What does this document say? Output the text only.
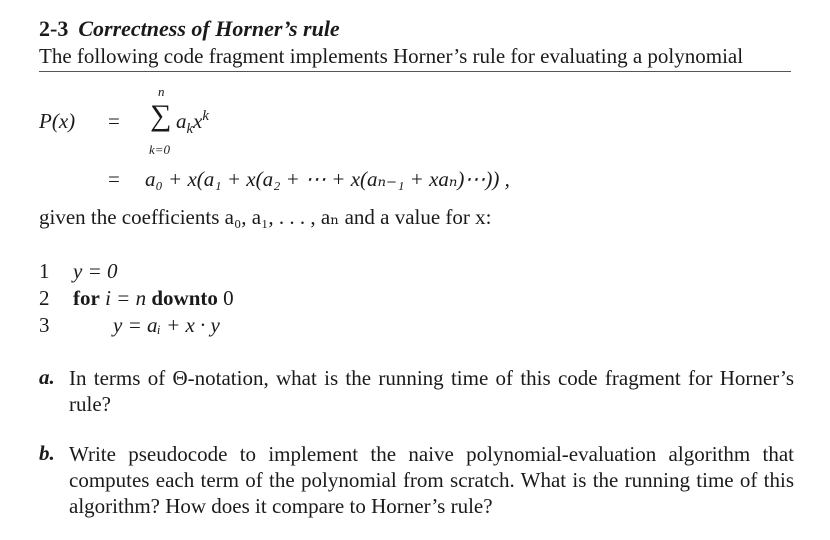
2-3 Correctness of Horner’s rule
The following code fragment implements Horner’s rule for evaluating a polynomial
P(x) =
n
∑
k=0
$a_kx^k$
= a₀ + x(a₁ + x(a₂ + ⋯ + x(aₙ₋₁ + xaₙ)⋯)) ,
given the coefficients a₀, a₁, . . . , aₙ and a value for x:
1
2
3
y = 0
for i = n downto 0
y = aᵢ + x · y
a. In terms of Θ-notation, what is the running time of this code fragment for Horner’s rule?
b. Write pseudocode to implement the naive polynomial-evaluation algorithm that computes each term of the polynomial from scratch. What is the running time of this algorithm? How does it compare to Horner’s rule?
